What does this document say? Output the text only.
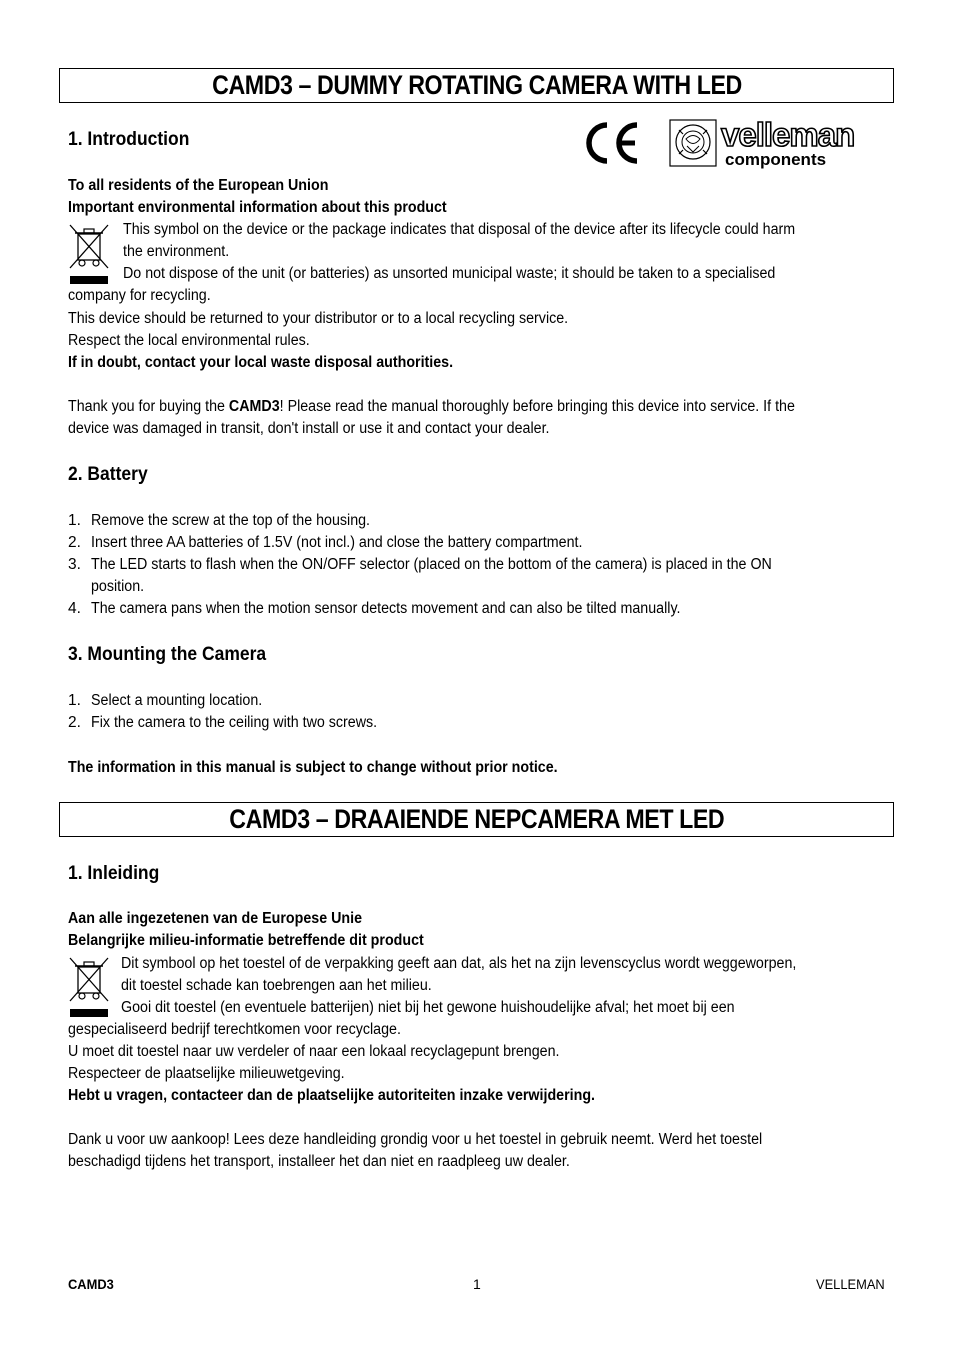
CAMD3 – DUMMY ROTATING CAMERA WITH LED
1. Introduction	velleman
components
To all residents of the European Union
Important environmental information about this product
This symbol on the device or the package indicates that disposal of the device after its lifecycle could harm
the environment.
Do not dispose of the unit (or batteries) as unsorted municipal waste; it should be taken to a specialised
company for recycling.
This device should be returned to your distributor or to a local recycling service.
Respect the local environmental rules.
If in doubt, contact your local waste disposal authorities.
Thank you for buying the CAMD3! Please read the manual thoroughly before bringing this device into service. If the
device was damaged in transit, don't install or use it and contact your dealer.
2. Battery
1. Remove the screw at the top of the housing.
2. Insert three AA batteries of 1.5V (not incl.) and close the battery compartment.
3. The LED starts to flash when the ON/OFF selector (placed on the bottom of the camera) is placed in the ON
position.
4. The camera pans when the motion sensor detects movement and can also be tilted manually.
3. Mounting the Camera
1. Select a mounting location.
2. Fix the camera to the ceiling with two screws.
The information in this manual is subject to change without prior notice.
CAMD3 – DRAAIENDE NEPCAMERA MET LED
1. Inleiding
Aan alle ingezetenen van de Europese Unie
Belangrijke milieu-informatie betreffende dit product
Dit symbool op het toestel of de verpakking geeft aan dat, als het na zijn levenscyclus wordt weggeworpen,
dit toestel schade kan toebrengen aan het milieu.
Gooi dit toestel (en eventuele batterijen) niet bij het gewone huishoudelijke afval; het moet bij een
gespecialiseerd bedrijf terechtkomen voor recyclage.
U moet dit toestel naar uw verdeler of naar een lokaal recyclagepunt brengen.
Respecteer de plaatselijke milieuwetgeving.
Hebt u vragen, contacteer dan de plaatselijke autoriteiten inzake verwijdering.
Dank u voor uw aankoop! Lees deze handleiding grondig voor u het toestel in gebruik neemt. Werd het toestel
beschadigd tijdens het transport, installeer het dan niet en raadpleeg uw dealer.
CAMD3	1	VELLEMAN
